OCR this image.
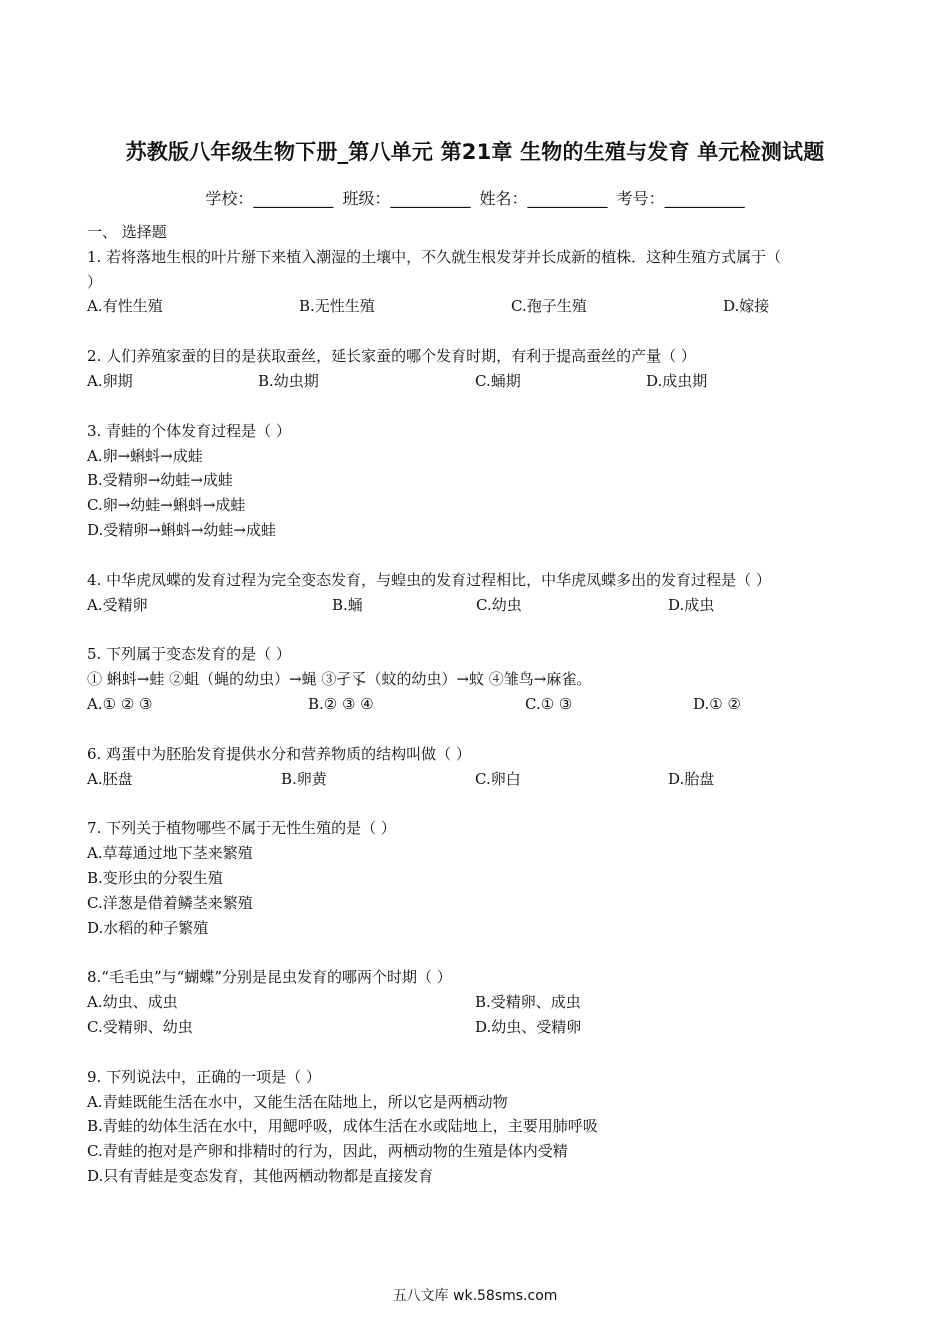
苏教版八年级生物下册_第八单元 第21章 生物的生殖与发育 单元检测试题
学校：__________ 班级：__________ 姓名：__________ 考号：__________
一、 选择题
1. 若将落地生根的叶片掰下来植入潮湿的土壤中，不久就生根发芽并长成新的植株．这种生殖方式属于（
）
A.有性生殖	B.无性生殖	C.孢子生殖	D.嫁接
2. 人们养殖家蚕的目的是获取蚕丝，延长家蚕的哪个发育时期，有利于提高蚕丝的产量（ ）
A.卵期	B.幼虫期	C.蛹期	D.成虫期
3. 青蛙的个体发育过程是（ ）
A.卵→蝌蚪→成蛙
B.受精卵→幼蛙→成蛙
C.卵→幼蛙→蝌蚪→成蛙
D.受精卵→蝌蚪→幼蛙→成蛙
4. 中华虎凤蝶的发育过程为完全变态发育，与蝗虫的发育过程相比，中华虎凤蝶多出的发育过程是（ ）
A.受精卵	B.蛹	C.幼虫	D.成虫
5. 下列属于变态发育的是（ ）
① 蝌蚪→蛙 ②蛆（蝇的幼虫）→蝇 ③孑孓（蚊的幼虫）→蚊 ④雏鸟→麻雀。
A.① ② ③	B.② ③ ④	C.① ③	D.① ②
6. 鸡蛋中为胚胎发育提供水分和营养物质的结构叫做（ ）
A.胚盘	B.卵黄	C.卵白	D.胎盘
7. 下列关于植物哪些不属于无性生殖的是（ ）
A.草莓通过地下茎来繁殖
B.变形虫的分裂生殖
C.洋葱是借着鳞茎来繁殖
D.水稻的种子繁殖
8.“毛毛虫”与“蝴蝶”分别是昆虫发育的哪两个时期（ ）
A.幼虫、成虫	B.受精卵、成虫
C.受精卵、幼虫	D.幼虫、受精卵
9. 下列说法中，正确的一项是（ ）
A.青蛙既能生活在水中，又能生活在陆地上，所以它是两栖动物
B.青蛙的幼体生活在水中，用鳃呼吸，成体生活在水或陆地上，主要用肺呼吸
C.青蛙的抱对是产卵和排精时的行为，因此，两栖动物的生殖是体内受精
D.只有青蛙是变态发育，其他两栖动物都是直接发育
五八文库 wk.58sms.com
